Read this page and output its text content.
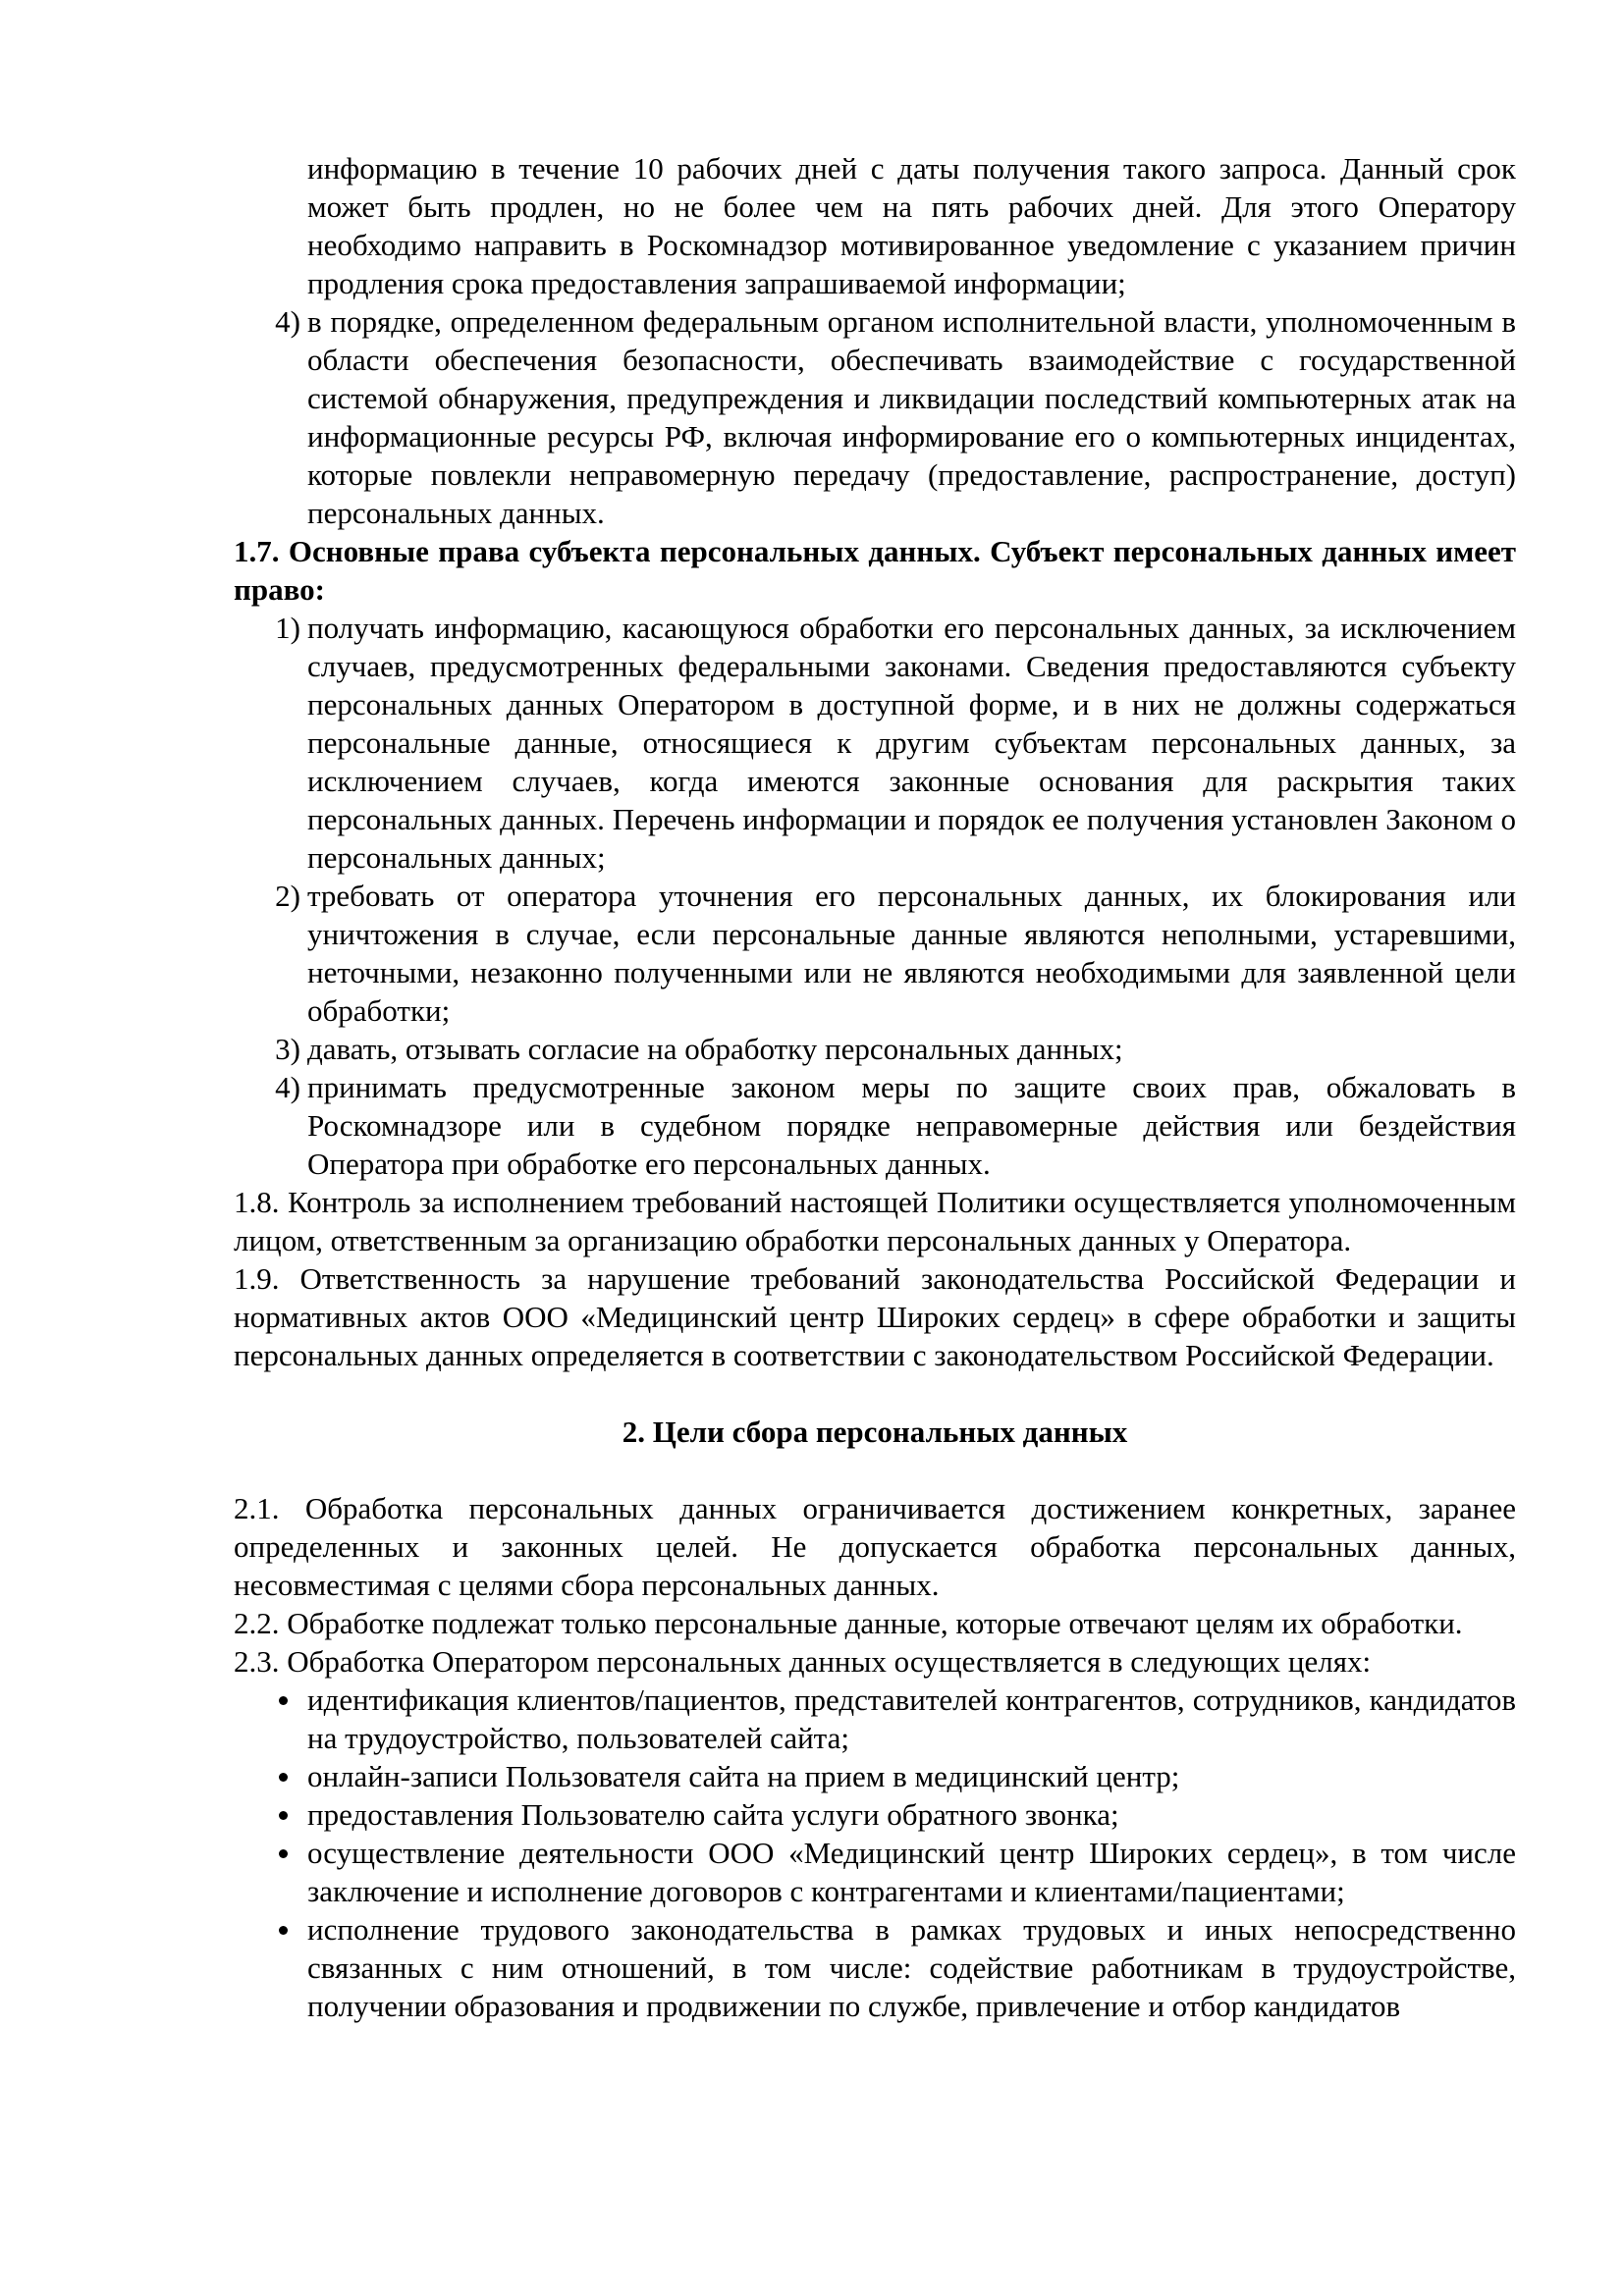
информацию в течение 10 рабочих дней с даты получения такого запроса. Данный срок может быть продлен, но не более чем на пять рабочих дней. Для этого Оператору необходимо направить в Роскомнадзор мотивированное уведомление с указанием причин продления срока предоставления запрашиваемой информации;

4) в порядке, определенном федеральным органом исполнительной власти, уполномоченным в области обеспечения безопасности, обеспечивать взаимодействие с государственной системой обнаружения, предупреждения и ликвидации последствий компьютерных атак на информационные ресурсы РФ, включая информирование его о компьютерных инцидентах, которые повлекли неправомерную передачу (предоставление, распространение, доступ) персональных данных.

1.7. Основные права субъекта персональных данных. Субъект персональных данных имеет право:

1) получать информацию, касающуюся обработки его персональных данных, за исключением случаев, предусмотренных федеральными законами. Сведения предоставляются субъекту персональных данных Оператором в доступной форме, и в них не должны содержаться персональные данные, относящиеся к другим субъектам персональных данных, за исключением случаев, когда имеются законные основания для раскрытия таких персональных данных. Перечень информации и порядок ее получения установлен Законом о персональных данных;

2) требовать от оператора уточнения его персональных данных, их блокирования или уничтожения в случае, если персональные данные являются неполными, устаревшими, неточными, незаконно полученными или не являются необходимыми для заявленной цели обработки;

3) давать, отзывать согласие на обработку персональных данных;

4) принимать предусмотренные законом меры по защите своих прав, обжаловать в Роскомнадзоре или в судебном порядке неправомерные действия или бездействия Оператора при обработке его персональных данных.

1.8. Контроль за исполнением требований настоящей Политики осуществляется уполномоченным лицом, ответственным за организацию обработки персональных данных у Оператора.

1.9. Ответственность за нарушение требований законодательства Российской Федерации и нормативных актов ООО «Медицинский центр Широких сердец» в сфере обработки и защиты персональных данных определяется в соответствии с законодательством Российской Федерации.

2. Цели сбора персональных данных

2.1. Обработка персональных данных ограничивается достижением конкретных, заранее определенных и законных целей. Не допускается обработка персональных данных, несовместимая с целями сбора персональных данных.

2.2. Обработке подлежат только персональные данные, которые отвечают целям их обработки.

2.3. Обработка Оператором персональных данных осуществляется в следующих целях:

идентификация клиентов/пациентов, представителей контрагентов, сотрудников, кандидатов на трудоустройство, пользователей сайта;

онлайн-записи Пользователя сайта на прием в медицинский центр;

предоставления Пользователю сайта услуги обратного звонка;

осуществление деятельности ООО «Медицинский центр Широких сердец», в том числе заключение и исполнение договоров с контрагентами и клиентами/пациентами;

исполнение трудового законодательства в рамках трудовых и иных непосредственно связанных с ним отношений, в том числе: содействие работникам в трудоустройстве, получении образования и продвижении по службе, привлечение и отбор кандидатов
